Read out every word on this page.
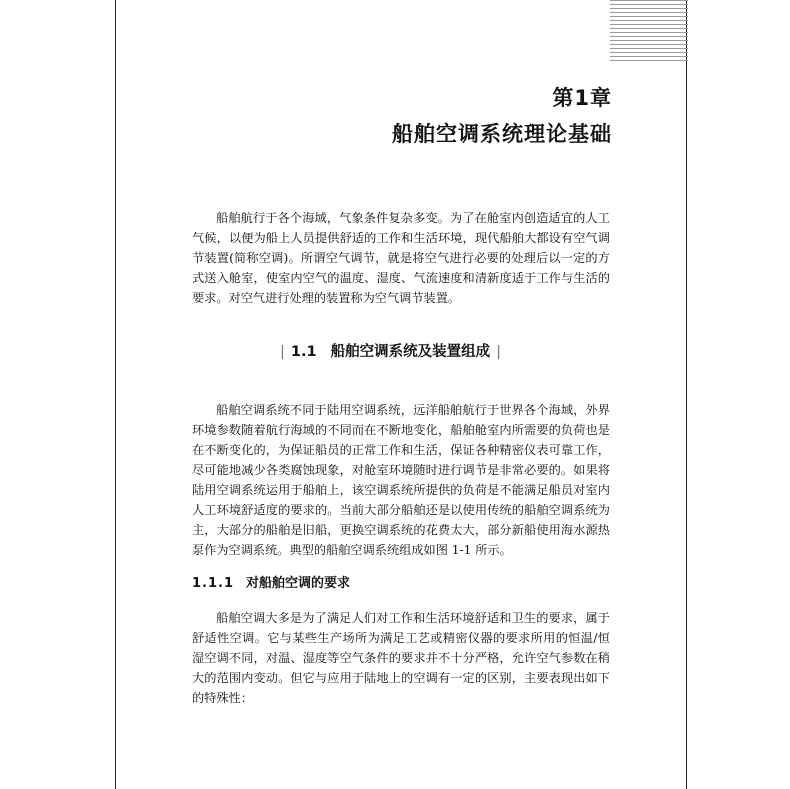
第1章
船舶空调系统理论基础

船舶航行于各个海域，气象条件复杂多变。为了在舱室内创造适宜的人工气候，以便为船上人员提供舒适的工作和生活环境，现代船舶大都设有空气调节装置(简称空调)。所谓空气调节，就是将空气进行必要的处理后以一定的方式送入舱室，使室内空气的温度、湿度、气流速度和清新度适于工作与生活的要求。对空气进行处理的装置称为空气调节装置。

| 1.1 船舶空调系统及装置组成 |

船舶空调系统不同于陆用空调系统，远洋船舶航行于世界各个海域，外界环境参数随着航行海域的不同而在不断地变化，船舶舱室内所需要的负荷也是在不断变化的，为保证船员的正常工作和生活，保证各种精密仪表可靠工作，尽可能地减少各类腐蚀现象，对舱室环境随时进行调节是非常必要的。如果将陆用空调系统运用于船舶上，该空调系统所提供的负荷是不能满足船员对室内人工环境舒适度的要求的。当前大部分船舶还是以使用传统的船舶空调系统为主，大部分的船舶是旧船，更换空调系统的花费太大，部分新船使用海水源热泵作为空调系统。典型的船舶空调系统组成如图 1-1 所示。

1.1.1 对船舶空调的要求

船舶空调大多是为了满足人们对工作和生活环境舒适和卫生的要求，属于舒适性空调。它与某些生产场所为满足工艺或精密仪器的要求所用的恒温/恒湿空调不同，对温、湿度等空气条件的要求并不十分严格，允许空气参数在稍大的范围内变动。但它与应用于陆地上的空调有一定的区别，主要表现出如下的特殊性：
